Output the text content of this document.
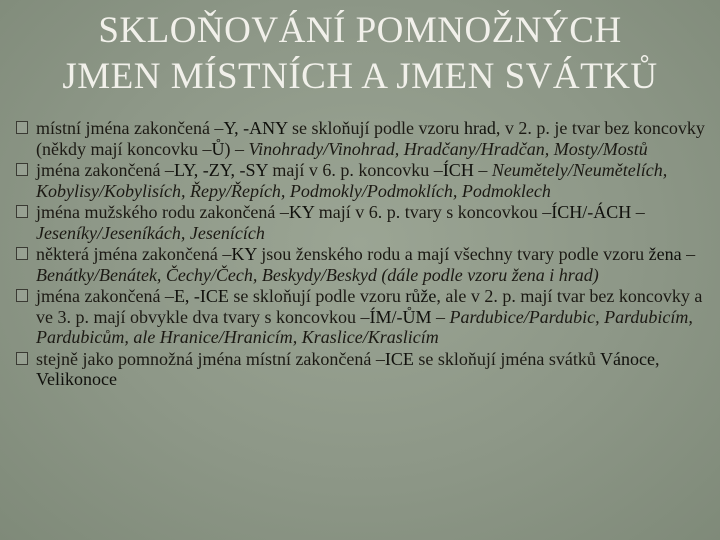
SKLOŇOVÁNÍ POMNOŽNÝCH
JMEN MÍSTNÍCH A JMEN SVÁTKŮ
místní jména zakončená –Y, -ANY se skloňují podle vzoru hrad, v 2. p. je tvar bez koncovky (někdy mají koncovku –Ů) – Vinohrady/Vinohrad, Hradčany/Hradčan, Mosty/Mostů
jména zakončená –LY, -ZY, -SY mají v 6. p. koncovku –ÍCH – Neumětely/Neumětelích, Kobylisy/Kobylisích, Řepy/Řepích, Podmokly/Podmoklích, Podmoklech
jména mužského rodu zakončená –KY mají v 6. p. tvary s koncovkou –ÍCH/-ÁCH – Jeseníky/Jeseníkách, Jesenících
některá jména zakončená –KY jsou ženského rodu a mají všechny tvary podle vzoru žena – Benátky/Benátek, Čechy/Čech, Beskydy/Beskyd (dále podle vzoru žena i hrad)
jména zakončená –E, -ICE se skloňují podle vzoru růže, ale v 2. p. mají tvar bez koncovky a ve 3. p. mají obvykle dva tvary s koncovkou –ÍM/-ŮM – Pardubice/Pardubic, Pardubicím, Pardubicům, ale Hranice/Hranicím, Kraslice/Kraslicím
stejně jako pomnožná jména místní zakončená –ICE se skloňují jména svátků Vánoce, Velikonoce
